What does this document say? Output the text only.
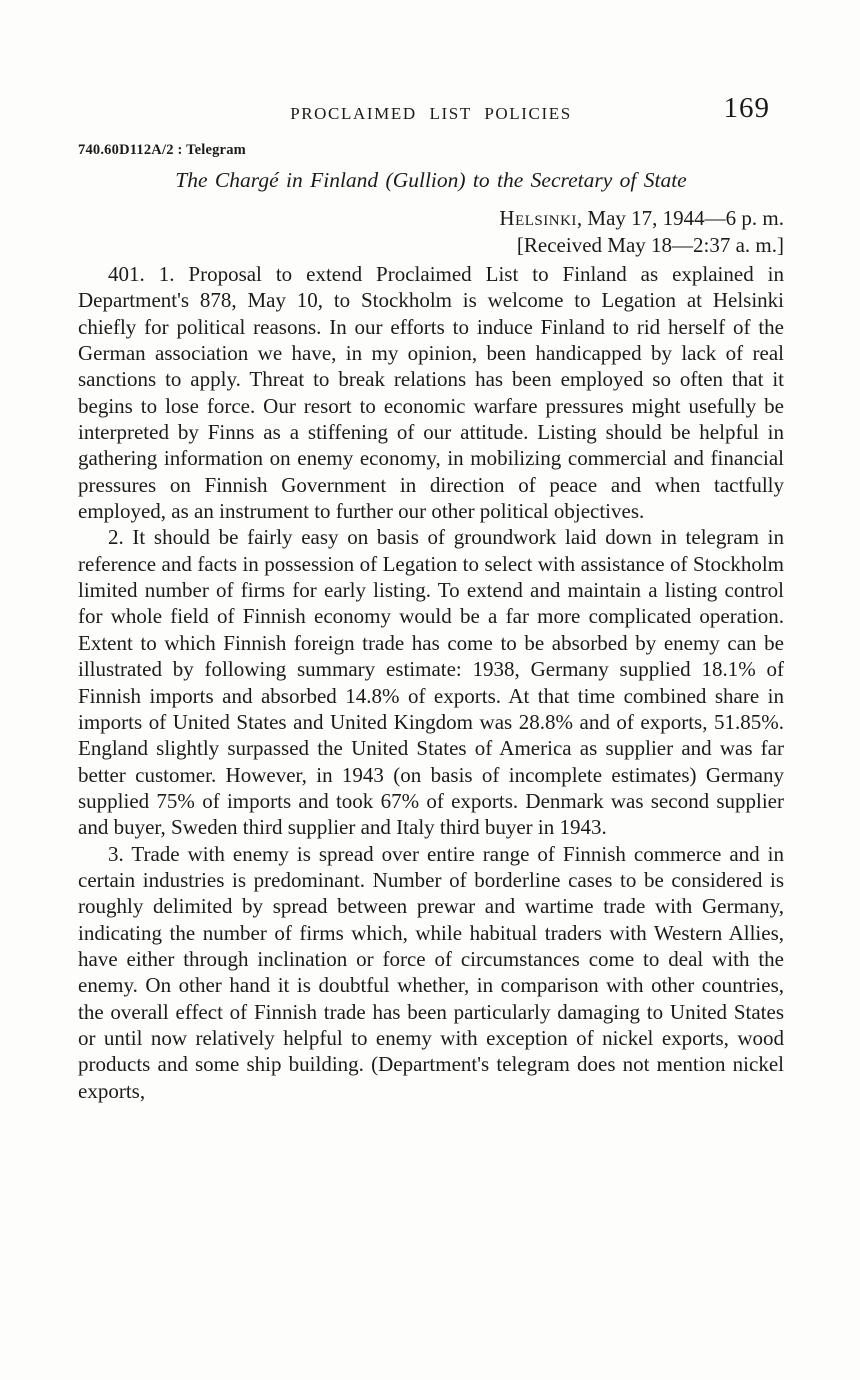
PROCLAIMED LIST POLICIES	169
740.60D112A/2 : Telegram
The Chargé in Finland (Gullion) to the Secretary of State
Helsinki, May 17, 1944—6 p. m.
[Received May 18—2:37 a. m.]

401. 1. Proposal to extend Proclaimed List to Finland as explained in Department's 878, May 10, to Stockholm is welcome to Legation at Helsinki chiefly for political reasons. In our efforts to induce Finland to rid herself of the German association we have, in my opinion, been handicapped by lack of real sanctions to apply. Threat to break relations has been employed so often that it begins to lose force. Our resort to economic warfare pressures might usefully be interpreted by Finns as a stiffening of our attitude. Listing should be helpful in gathering information on enemy economy, in mobilizing commercial and financial pressures on Finnish Government in direction of peace and when tactfully employed, as an instrument to further our other political objectives.

2. It should be fairly easy on basis of groundwork laid down in telegram in reference and facts in possession of Legation to select with assistance of Stockholm limited number of firms for early listing. To extend and maintain a listing control for whole field of Finnish economy would be a far more complicated operation. Extent to which Finnish foreign trade has come to be absorbed by enemy can be illustrated by following summary estimate: 1938, Germany supplied 18.1% of Finnish imports and absorbed 14.8% of exports. At that time combined share in imports of United States and United Kingdom was 28.8% and of exports, 51.85%. England slightly surpassed the United States of America as supplier and was far better customer. However, in 1943 (on basis of incomplete estimates) Germany supplied 75% of imports and took 67% of exports. Denmark was second supplier and buyer, Sweden third supplier and Italy third buyer in 1943.

3. Trade with enemy is spread over entire range of Finnish commerce and in certain industries is predominant. Number of borderline cases to be considered is roughly delimited by spread between prewar and wartime trade with Germany, indicating the number of firms which, while habitual traders with Western Allies, have either through inclination or force of circumstances come to deal with the enemy. On other hand it is doubtful whether, in comparison with other countries, the overall effect of Finnish trade has been particularly damaging to United States or until now relatively helpful to enemy with exception of nickel exports, wood products and some ship building. (Department's telegram does not mention nickel exports,
